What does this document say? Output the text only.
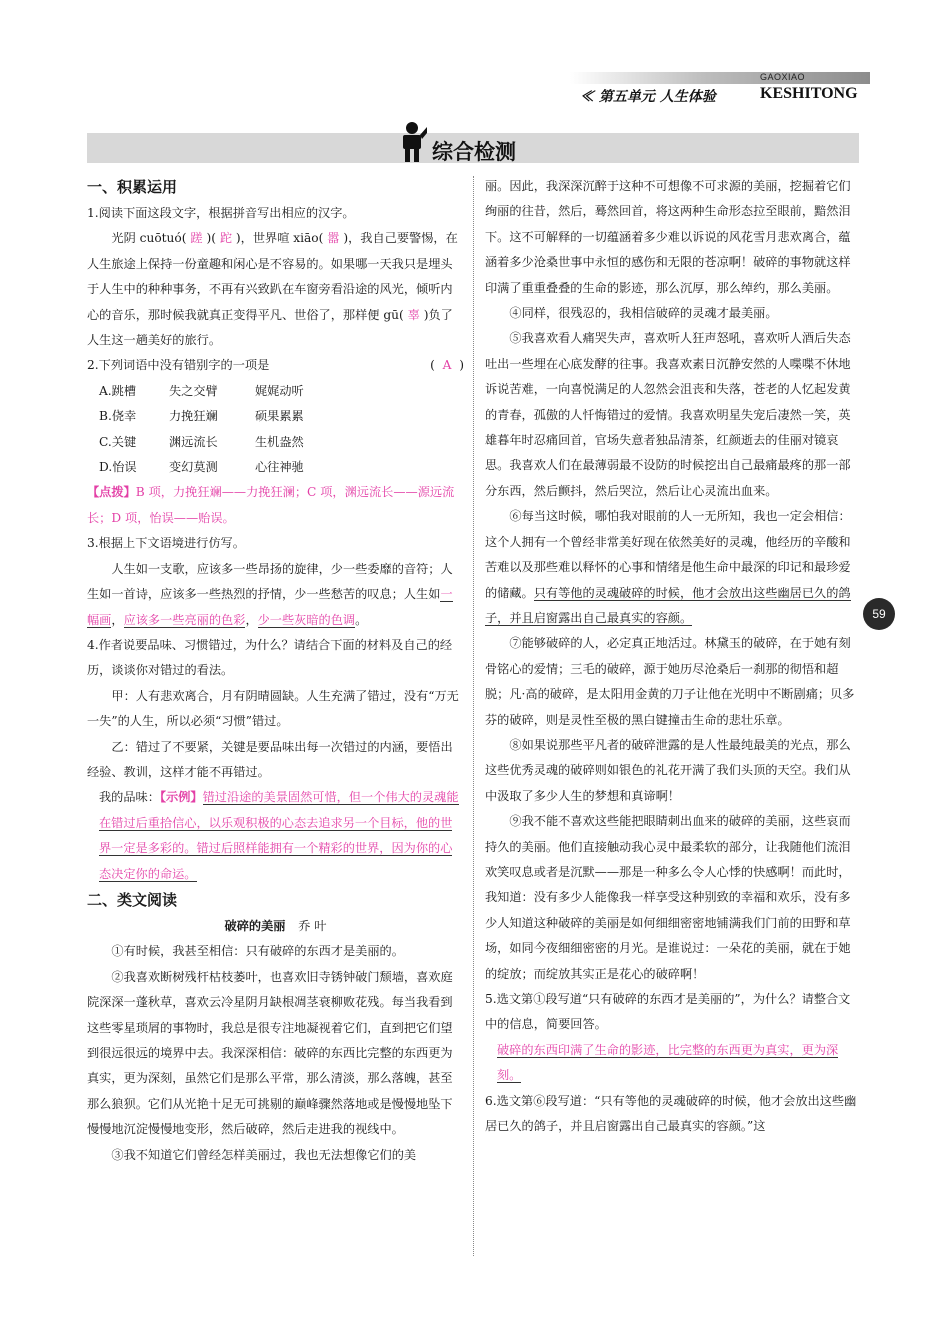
GAOXIAO
≪ 第五单元 人生体验	KESHITONG
综合检测
59
一、积累运用

1.阅读下面这段文字，根据拼音写出相应的汉字。

光阴 cuōtuó( 蹉 )( 跎 )，世界喧 xiāo( 嚣 )，我自己要警惕，在人生旅途上保持一份童趣和闲心是不容易的。如果哪一天我只是埋头于人生中的种种事务，不再有兴致趴在车窗旁看沿途的风光，倾听内心的音乐，那时候我就真正变得平凡、世俗了，那样便 gū( 辜 )负了人生这一趟美好的旅行。

2.下列词语中没有错别字的一项是	( A )

A.跳槽	失之交臂	娓娓动听

B.侥幸	力挽狂斓	硕果累累

C.关键	渊远流长	生机盎然

D.怡误	变幻莫测	心往神驰

【点拨】B 项，力挽狂斓——力挽狂澜；C 项，渊远流长——源远流长；D 项，怡误——贻误。

3.根据上下文语境进行仿写。

人生如一支歌，应该多一些昂扬的旋律，少一些委靡的音符；人生如一首诗，应该多一些热烈的抒情，少一些愁苦的叹息；人生如一幅画，应该多一些亮丽的色彩，少一些灰暗的色调。

4.作者说要品味、习惯错过，为什么？请结合下面的材料及自己的经历，谈谈你对错过的看法。

甲：人有悲欢离合，月有阴晴圆缺。人生充满了错过，没有“万无一失”的人生，所以必须“习惯”错过。

乙：错过了不要紧，关键是要品味出每一次错过的内涵，要悟出经验、教训，这样才能不再错过。

我的品味：【示例】错过沿途的美景固然可惜，但一个伟大的灵魂能在错过后重拾信心，以乐观积极的心态去追求另一个目标，他的世界一定是多彩的。错过后照样能拥有一个精彩的世界，因为你的心态决定你的命运。

二、类文阅读

破碎的美丽 乔 叶

①有时候，我甚至相信：只有破碎的东西才是美丽的。

②我喜欢断树残杆枯枝萎叶，也喜欢旧寺锈钟破门颓墙，喜欢庭院深深一蓬秋草，喜欢云冷星阴月缺根凋茎衰柳败花残。每当我看到这些零星琐屑的事物时，我总是很专注地凝视着它们，直到把它们望到很远很远的境界中去。我深深相信：破碎的东西比完整的东西更为真实，更为深刻，虽然它们是那么平常，那么清淡，那么落魄，甚至那么狼狈。它们从光艳十足无可挑剔的巅峰骤然落地或是慢慢地坠下慢慢地沉淀慢慢地变形，然后破碎，然后走进我的视线中。

③我不知道它们曾经怎样美丽过，我也无法想像它们的美

丽。因此，我深深沉醉于这种不可想像不可求源的美丽，挖掘着它们绚丽的往昔，然后，蓦然回首，将这两种生命形态拉至眼前，黯然泪下。这不可解释的一切蕴涵着多少难以诉说的风花雪月悲欢离合，蕴涵着多少沧桑世事中永恒的感伤和无限的苍凉啊！破碎的事物就这样印满了重重叠叠的生命的影迹，那么沉厚，那么绰约，那么美丽。

④同样，很残忍的，我相信破碎的灵魂才最美丽。

⑤我喜欢看人痛哭失声，喜欢听人狂声怒吼，喜欢听人酒后失态吐出一些埋在心底发酵的往事。我喜欢素日沉静安然的人喋喋不休地诉说苦难，一向喜悦满足的人忽然会沮丧和失落，苍老的人忆起发黄的青春，孤傲的人忏悔错过的爱情。我喜欢明星失宠后凄然一笑，英雄暮年时忍痛回首，官场失意者独品清茶，红颜逝去的佳丽对镜哀思。我喜欢人们在最薄弱最不设防的时候挖出自己最痛最疼的那一部分东西，然后颤抖，然后哭泣，然后让心灵流出血来。

⑥每当这时候，哪怕我对眼前的人一无所知，我也一定会相信：这个人拥有一个曾经非常美好现在依然美好的灵魂，他经历的辛酸和苦难以及那些难以释怀的心事和情绪是他生命中最深的印记和最珍爱的储藏。只有等他的灵魂破碎的时候，他才会放出这些幽居已久的鸽子，并且启窗露出自己最真实的容颜。

⑦能够破碎的人，必定真正地活过。林黛玉的破碎，在于她有刻骨铭心的爱情；三毛的破碎，源于她历尽沧桑后一刹那的彻悟和超脱；凡·高的破碎，是太阳用金黄的刀子让他在光明中不断剧痛；贝多芬的破碎，则是灵性至极的黑白键撞击生命的悲壮乐章。

⑧如果说那些平凡者的破碎泄露的是人性最纯最美的光点，那么这些优秀灵魂的破碎则如银色的礼花开满了我们头顶的天空。我们从中汲取了多少人生的梦想和真谛啊！

⑨我不能不喜欢这些能把眼睛刺出血来的破碎的美丽，这些哀而持久的美丽。他们直接触动我心灵中最柔软的部分，让我随他们流泪欢笑叹息或者是沉默——那是一种多么令人心悸的快感啊！而此时，我知道：没有多少人能像我一样享受这种别致的幸福和欢乐，没有多少人知道这种破碎的美丽是如何细细密密地铺满我们门前的田野和草场，如同今夜细细密密的月光。是谁说过：一朵花的美丽，就在于她的绽放；而绽放其实正是花心的破碎啊！

5.选文第①段写道“只有破碎的东西才是美丽的”，为什么？请整合文中的信息，简要回答。

破碎的东西印满了生命的影迹，比完整的东西更为真实，更为深刻。

6.选文第⑥段写道：“只有等他的灵魂破碎的时候，他才会放出这些幽居已久的鸽子，并且启窗露出自己最真实的容颜。”这
